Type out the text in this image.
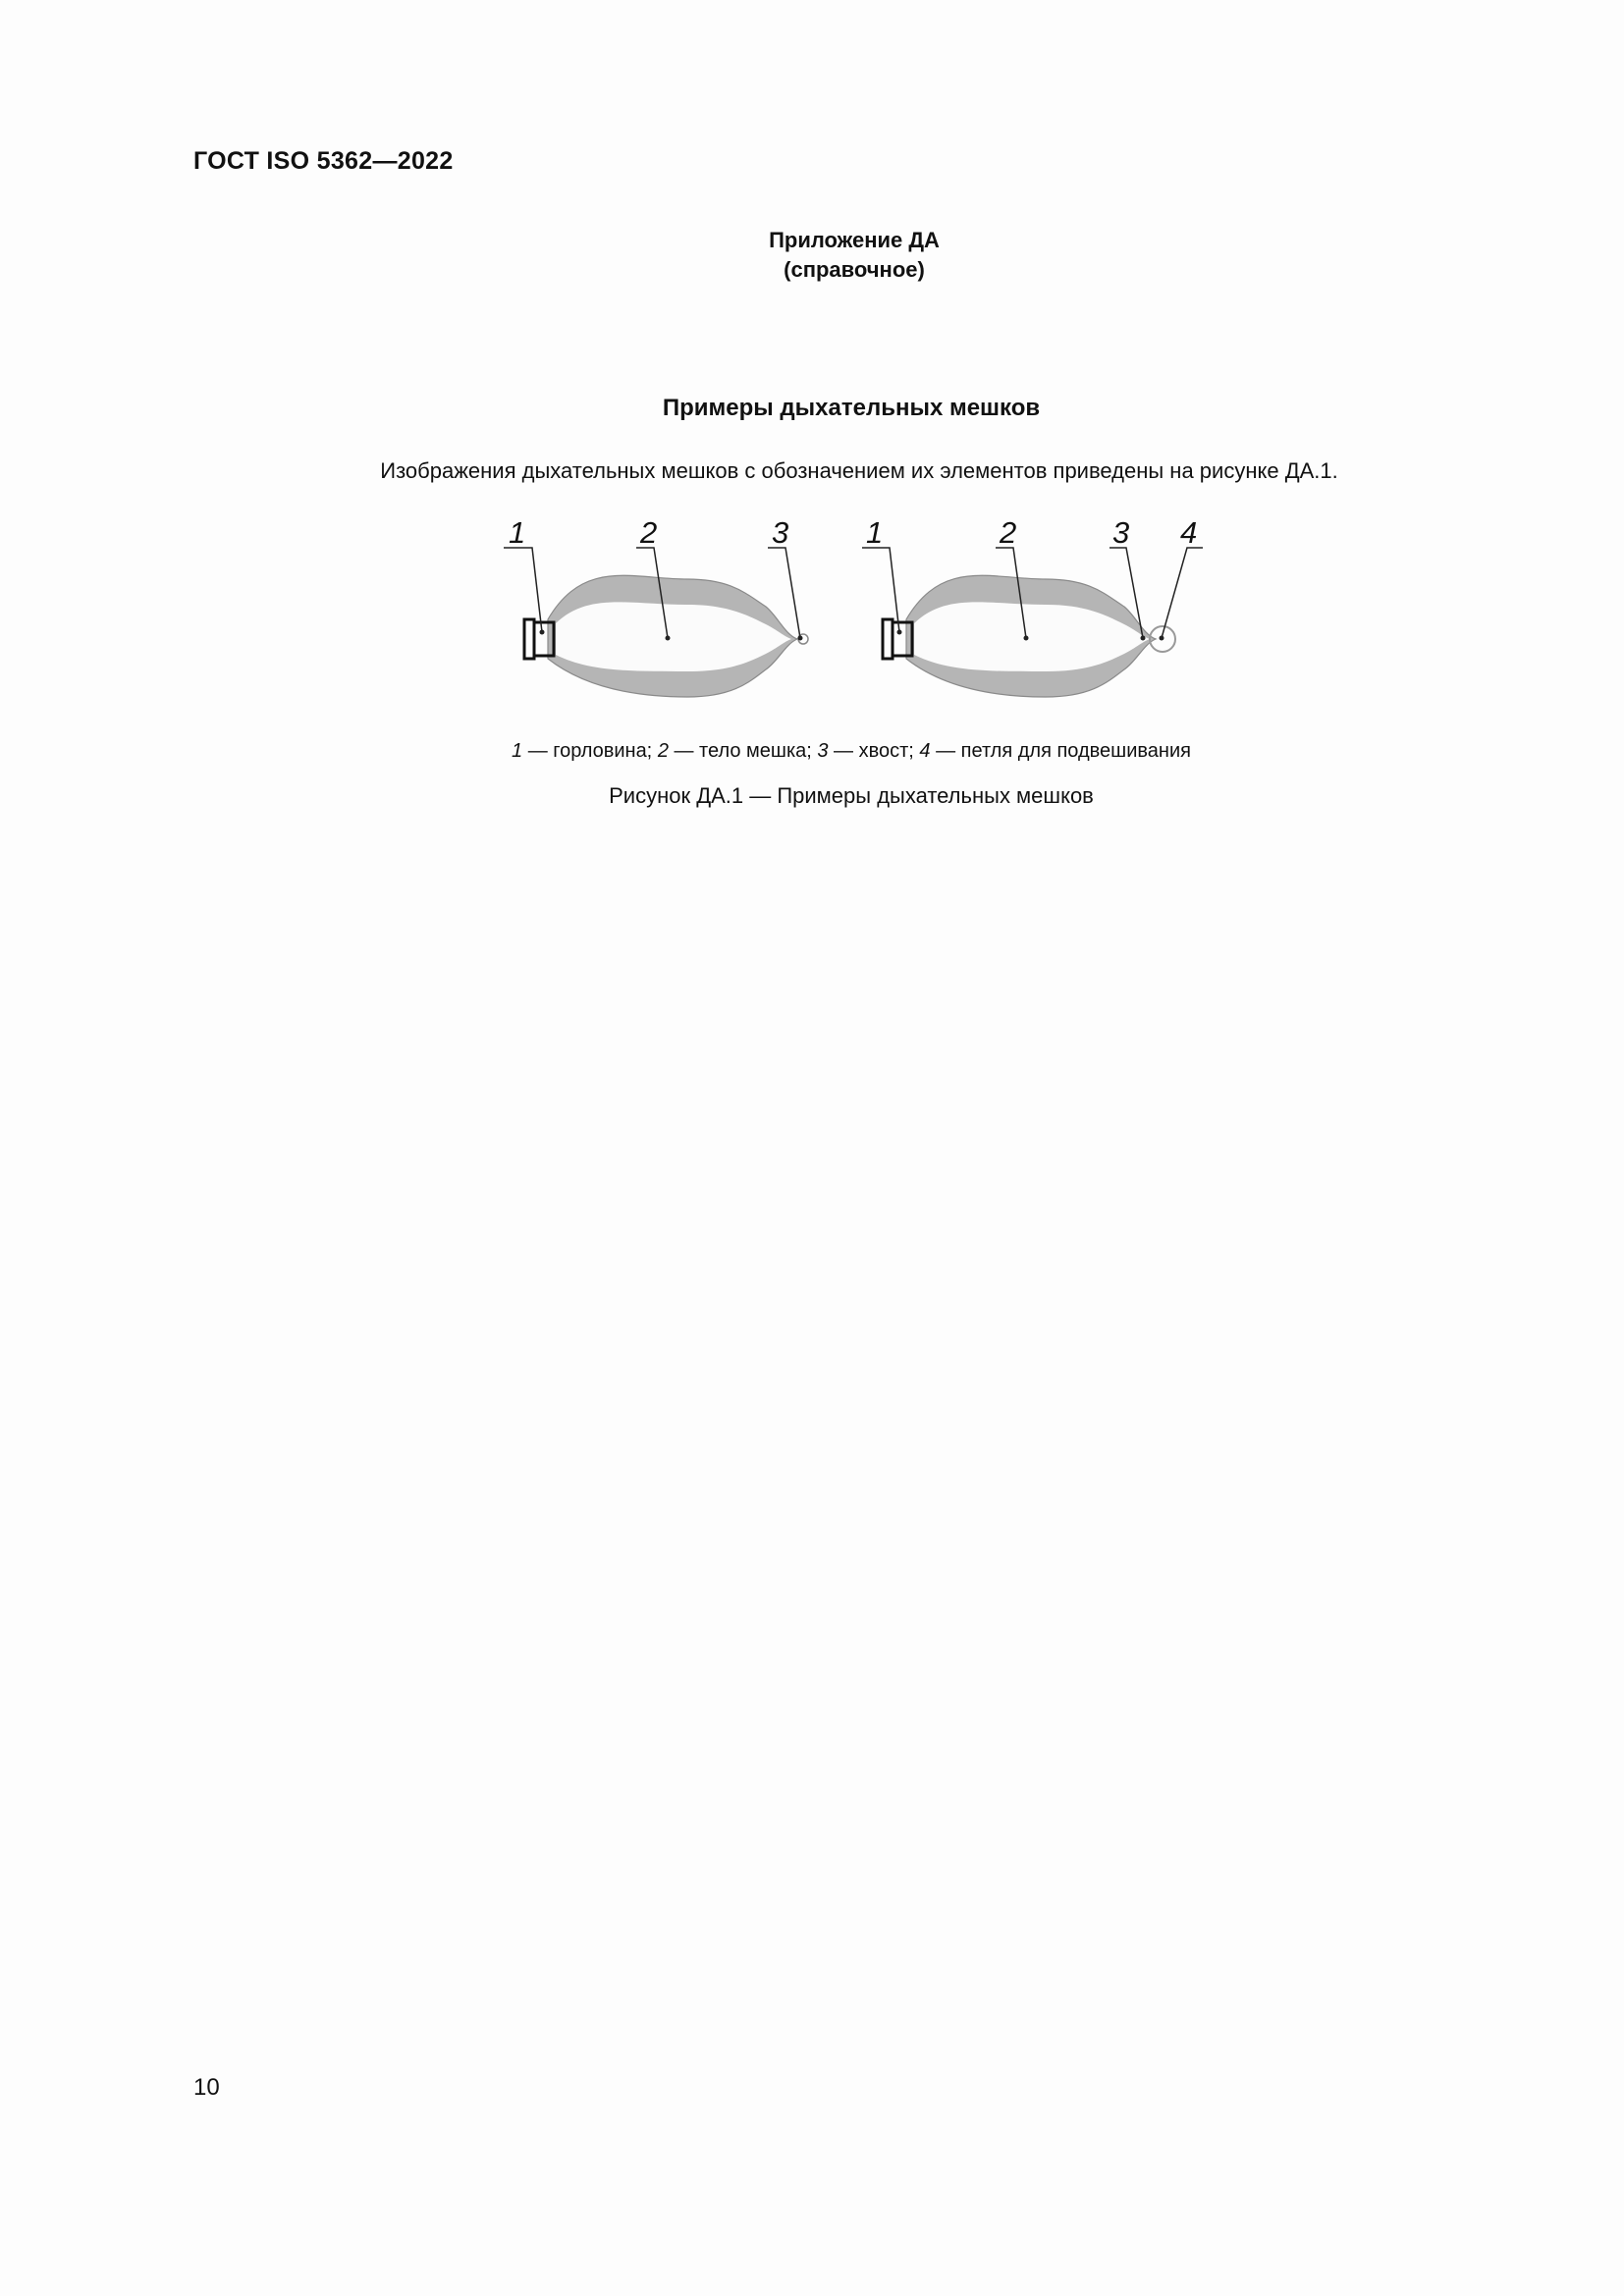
ГОСТ ISO 5362—2022
Приложение ДА
(справочное)
Примеры дыхательных мешков
Изображения дыхательных мешков с обозначением их элементов приведены на рисунке ДА.1.
1	2	3	1	2	3 4
1 — горловина; 2 — тело мешка; 3 — хвост; 4 — петля для подвешивания
Рисунок ДА.1 — Примеры дыхательных мешков
10
